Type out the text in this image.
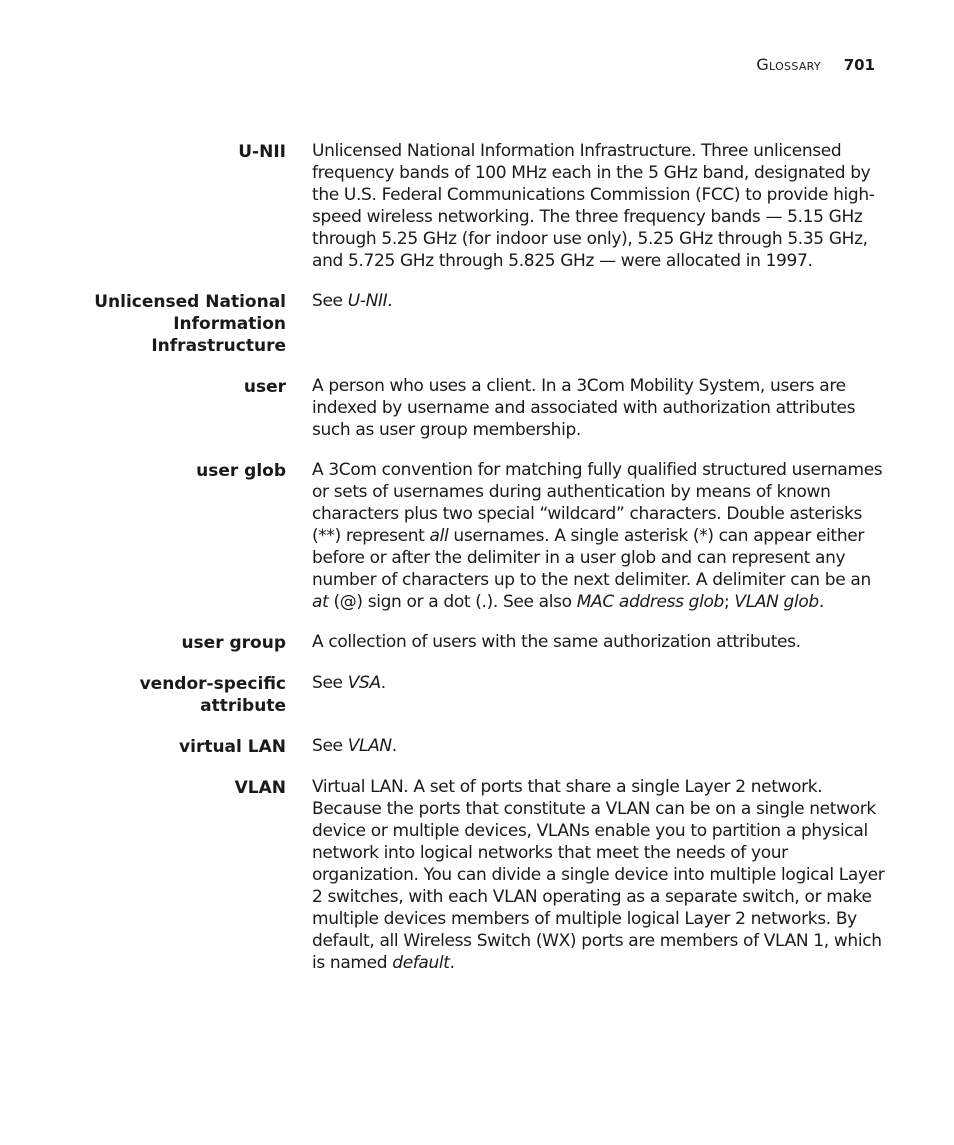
Glossary 701
U-NII Unlicensed National Information Infrastructure. Three unlicensed frequency bands of 100 MHz each in the 5 GHz band, designated by the U.S. Federal Communications Commission (FCC) to provide high-speed wireless networking. The three frequency bands — 5.15 GHz through 5.25 GHz (for indoor use only), 5.25 GHz through 5.35 GHz, and 5.725 GHz through 5.825 GHz — were allocated in 1997.

Unlicensed National
Information
Infrastructure

See U-NII.

user A person who uses a client. In a 3Com Mobility System, users are indexed by username and associated with authorization attributes such as user group membership.

user glob A 3Com convention for matching fully qualified structured usernames or sets of usernames during authentication by means of known characters plus two special “wildcard” characters. Double asterisks (**) represent all usernames. A single asterisk (*) can appear either before or after the delimiter in a user glob and can represent any number of characters up to the next delimiter. A delimiter can be an at (@) sign or a dot (.). See also MAC address glob; VLAN glob.

user group A collection of users with the same authorization attributes.

vendor-specific
attribute

See VSA.

virtual LAN See VLAN.

VLAN Virtual LAN. A set of ports that share a single Layer 2 network. Because the ports that constitute a VLAN can be on a single network device or multiple devices, VLANs enable you to partition a physical network into logical networks that meet the needs of your organization. You can divide a single device into multiple logical Layer 2 switches, with each VLAN operating as a separate switch, or make multiple devices members of multiple logical Layer 2 networks. By default, all Wireless Switch (WX) ports are members of VLAN 1, which is named default.
